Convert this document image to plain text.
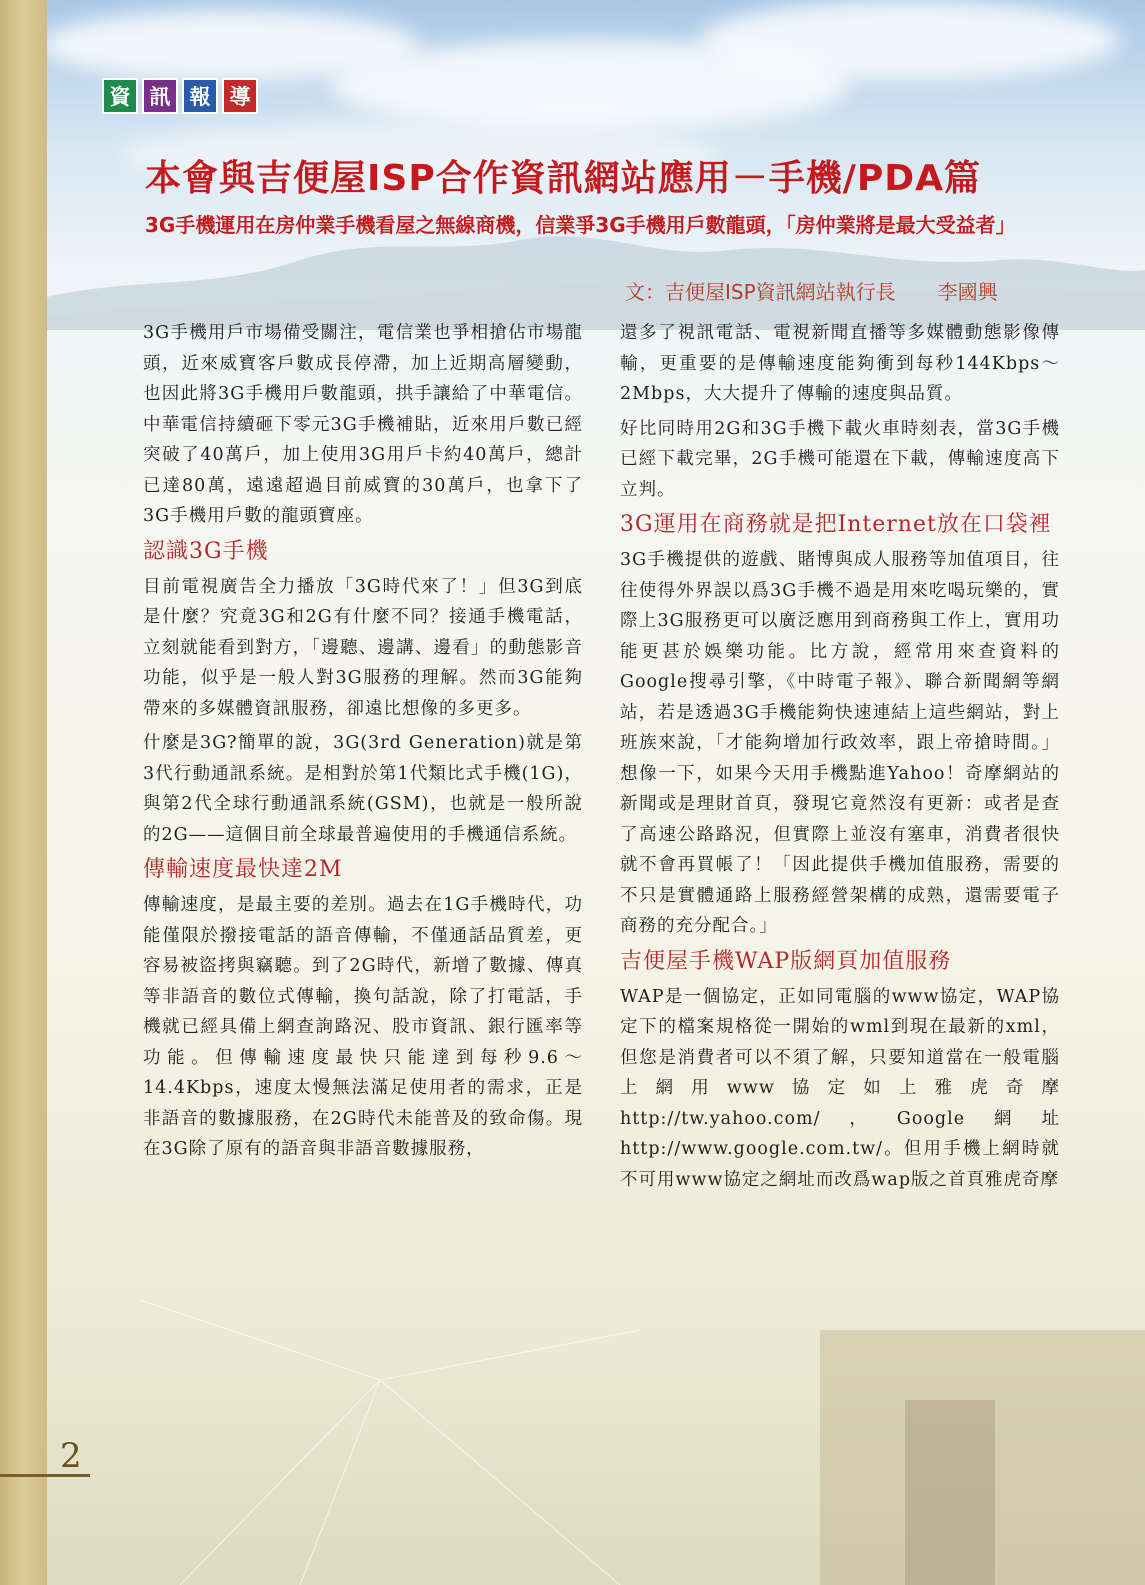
資 訊 報 導
本會與吉便屋ISP合作資訊網站應用－手機/PDA篇

3G手機運用在房仲業手機看屋之無線商機，信業爭3G手機用戶數龍頭，「房仲業將是最大受益者」

文：吉便屋ISP資訊網站執行長 李國興

3G手機用戶市場備受關注，電信業也爭相搶佔市場龍頭，近來威寶客戶數成長停滯，加上近期高層變動，也因此將3G手機用戶數龍頭，拱手讓給了中華電信。中華電信持續砸下零元3G手機補貼，近來用戶數已經突破了40萬戶，加上使用3G用戶卡約40萬戶，總計已達80萬，遠遠超過目前威寶的30萬戶，也拿下了3G手機用戶數的龍頭寶座。

認識3G手機

目前電視廣告全力播放「3G時代來了！」但3G到底是什麼？究竟3G和2G有什麼不同？接通手機電話，立刻就能看到對方，「邊聽、邊講、邊看」的動態影音功能，似乎是一般人對3G服務的理解。然而3G能夠帶來的多媒體資訊服務，卻遠比想像的多更多。

什麼是3G?簡單的說，3G(3rd Generation)就是第3代行動通訊系統。是相對於第1代類比式手機(1G)，與第2代全球行動通訊系統(GSM)，也就是一般所說的2G——這個目前全球最普遍使用的手機通信系統。

傳輸速度最快達2M

傳輸速度，是最主要的差別。過去在1G手機時代，功能僅限於撥接電話的語音傳輸，不僅通話品質差，更容易被盜拷與竊聽。到了2G時代，新增了數據、傳真等非語音的數位式傳輸，換句話說，除了打電話，手機就已經具備上網查詢路況、股市資訊、銀行匯率等功能。但傳輸速度最快只能達到每秒9.6～ 14.4Kbps，速度太慢無法滿足使用者的需求，正是非語音的數據服務，在2G時代未能普及的致命傷。現在3G除了原有的語音與非語音數據服務，

還多了視訊電話、電視新聞直播等多媒體動態影像傳輸，更重要的是傳輸速度能夠衝到每秒144Kbps～2Mbps，大大提升了傳輸的速度與品質。

好比同時用2G和3G手機下載火車時刻表，當3G手機已經下載完畢，2G手機可能還在下載，傳輸速度高下立判。

3G運用在商務就是把Internet放在口袋裡

3G手機提供的遊戲、賭博與成人服務等加值項目，往往使得外界誤以爲3G手機不過是用來吃喝玩樂的，實際上3G服務更可以廣泛應用到商務與工作上，實用功能更甚於娛樂功能。比方說，經常用來查資料的Google搜尋引擎，《中時電子報》、聯合新聞網等網站，若是透過3G手機能夠快速連結上這些網站，對上班族來說，「才能夠增加行政效率，跟上帝搶時間。」想像一下，如果今天用手機點進Yahoo！奇摩網站的新聞或是理財首頁，發現它竟然沒有更新：或者是查了高速公路路況，但實際上並沒有塞車，消費者很快就不會再買帳了！「因此提供手機加值服務，需要的不只是實體通路上服務經營架構的成熟，還需要電子商務的充分配合。」

吉便屋手機WAP版網頁加值服務

WAP是一個協定，正如同電腦的www協定，WAP協定下的檔案規格從一開始的wml到現在最新的xml，但您是消費者可以不須了解，只要知道當在一般電腦上網用www協定如上雅虎奇摩http://tw.yahoo.com/，Google網址http://www.google.com.tw/。但用手機上網時就不可用www協定之網址而改爲wap版之首頁雅虎奇摩

2
